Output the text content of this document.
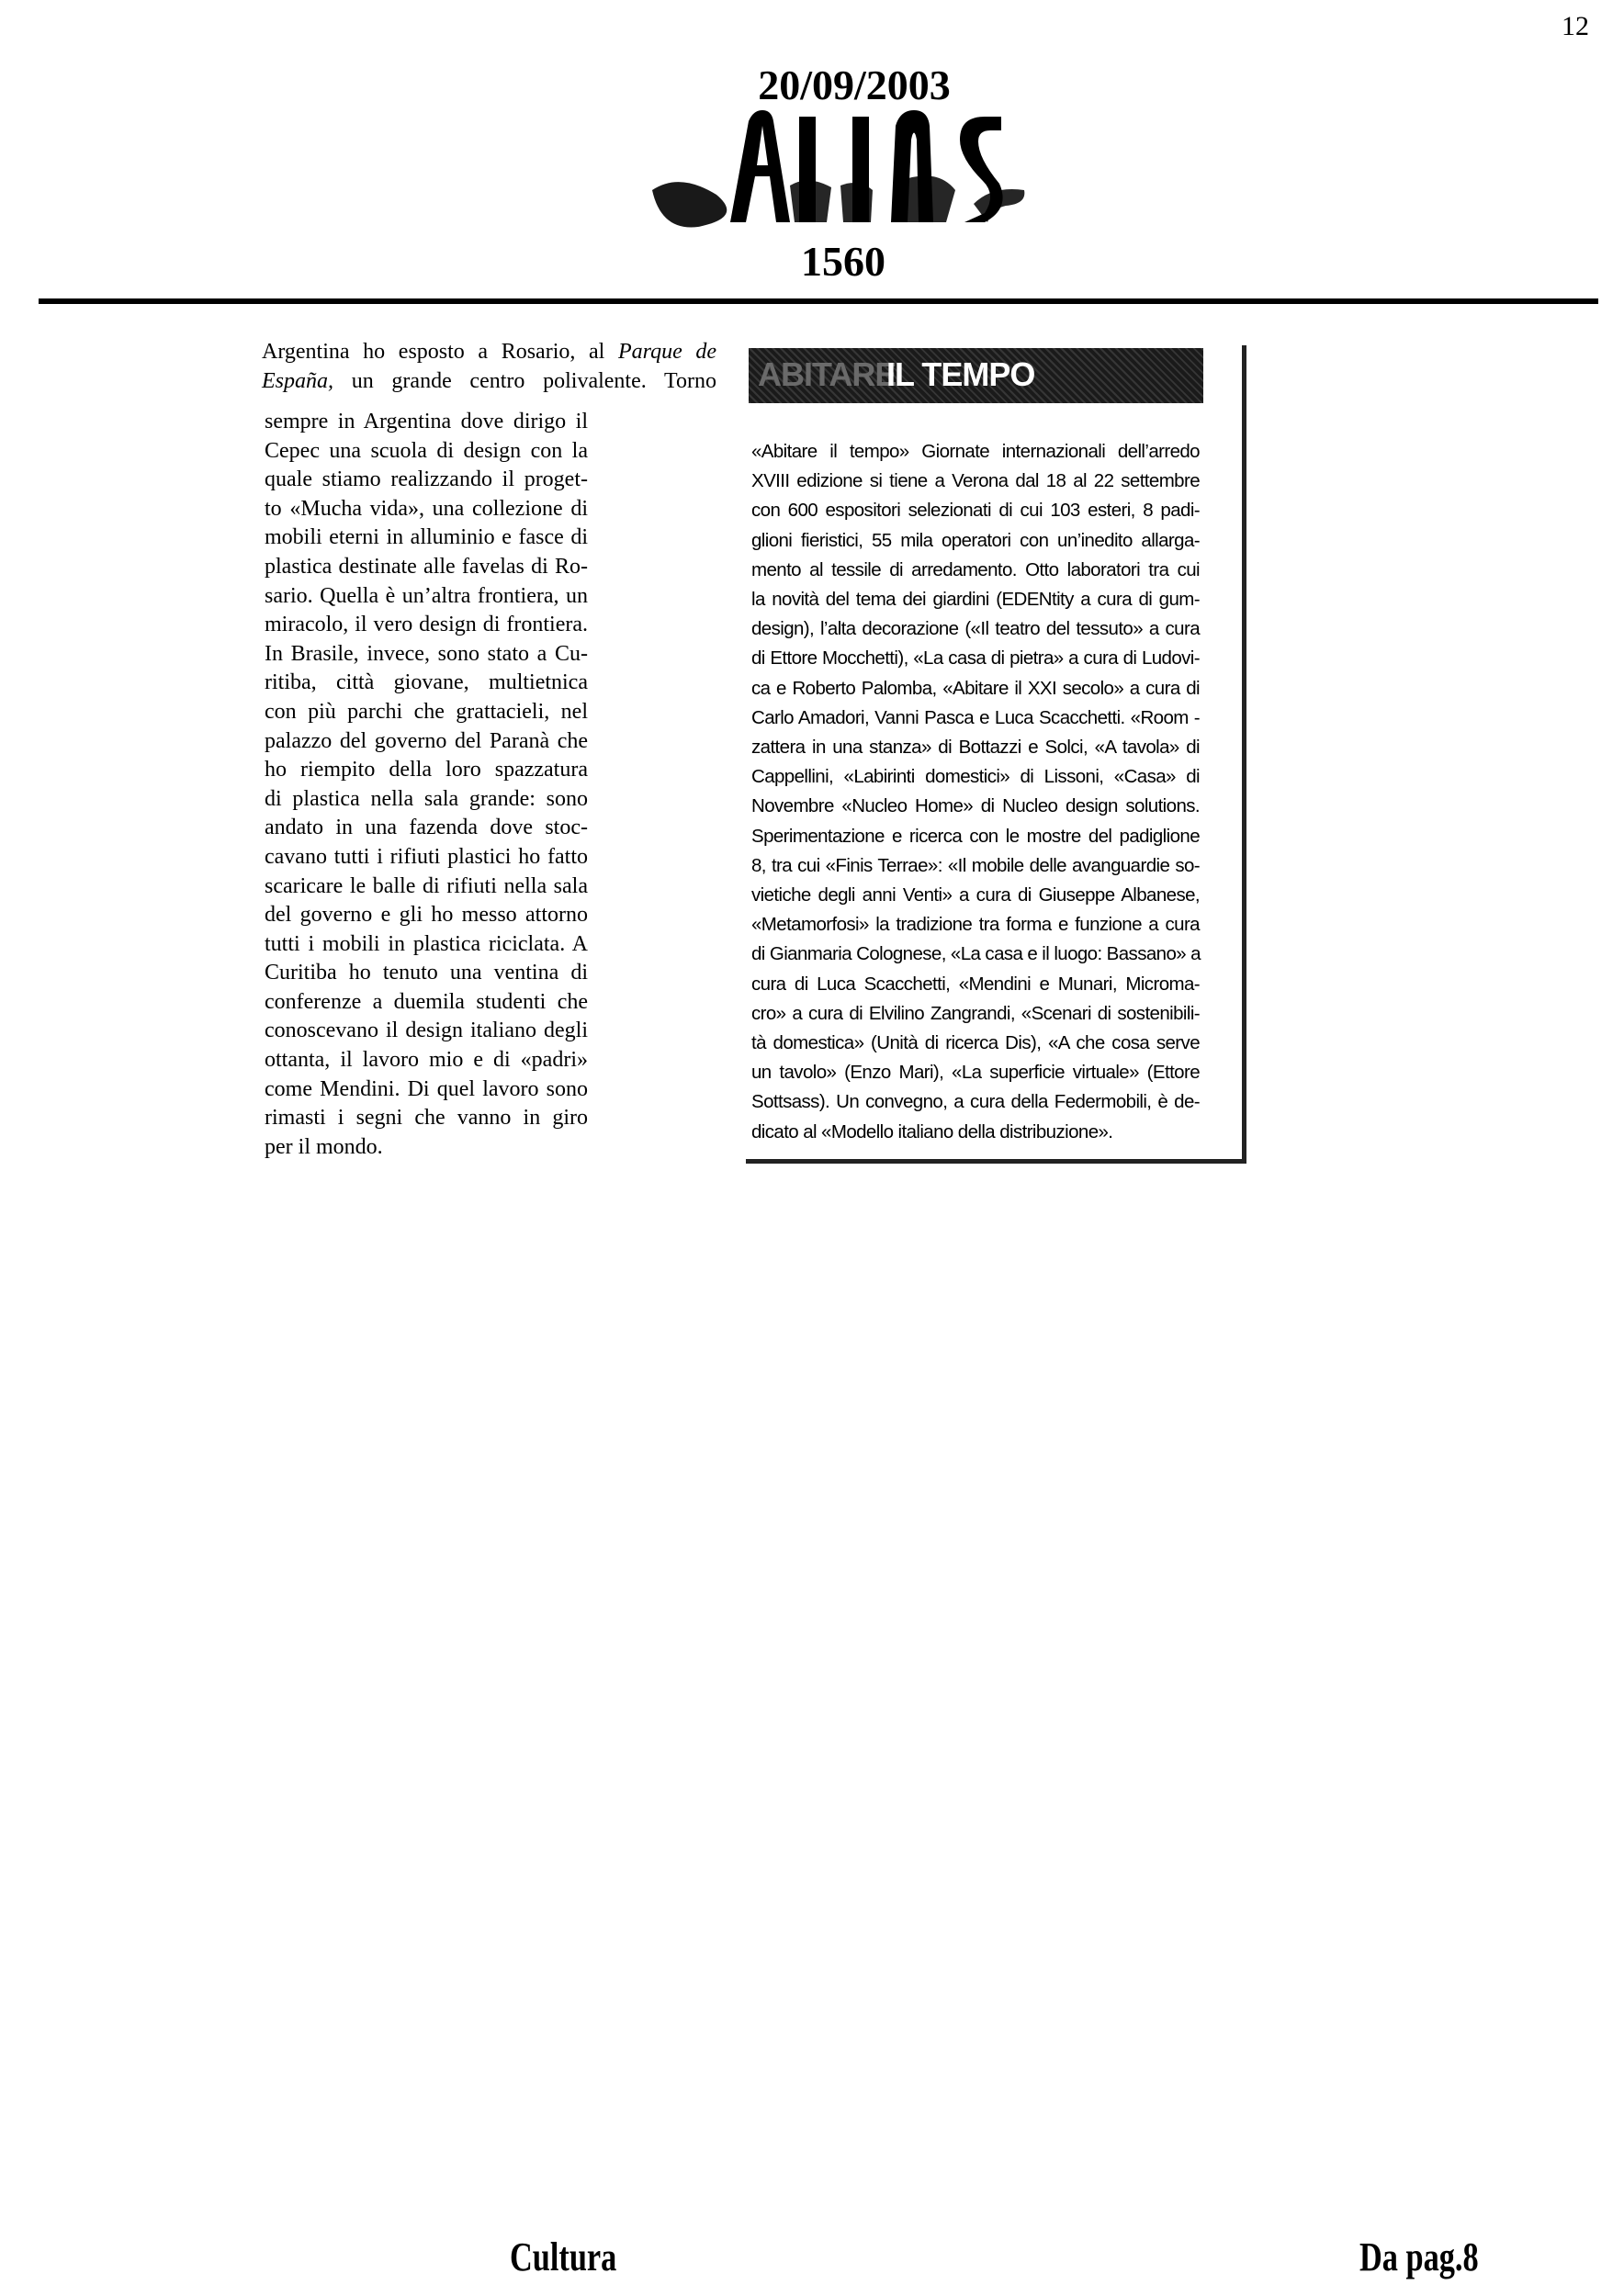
12
20/09/2003
1560
Argentina ho esposto a Rosario, al Parque de
España, un grande centro polivalente. Torno
sempre in Argentina dove dirigo il
Cepec una scuola di design con la
quale stiamo realizzando il proget-
to «Mucha vida», una collezione di
mobili eterni in alluminio e fasce di
plastica destinate alle favelas di Ro-
sario. Quella è un’altra frontiera, un
miracolo, il vero design di frontiera.
In Brasile, invece, sono stato a Cu-
ritiba, città giovane, multietnica
con più parchi che grattacieli, nel
palazzo del governo del Paranà che
ho riempito della loro spazzatura
di plastica nella sala grande: sono
andato in una fazenda dove stoc-
cavano tutti i rifiuti plastici ho fatto
scaricare le balle di rifiuti nella sala
del governo e gli ho messo attorno
tutti i mobili in plastica riciclata. A
Curitiba ho tenuto una ventina di
conferenze a duemila studenti che
conoscevano il design italiano degli
ottanta, il lavoro mio e di «padri»
come Mendini. Di quel lavoro sono
rimasti i segni che vanno in giro
per il mondo.
ABITARE
IL TEMPO
«Abitare il tempo» Giornate internazionali dell’arredo
XVIII edizione si tiene a Verona dal 18 al 22 settembre
con 600 espositori selezionati di cui 103 esteri, 8 padi-
glioni fieristici, 55 mila operatori con un’inedito allarga-
mento al tessile di arredamento. Otto laboratori tra cui
la novità del tema dei giardini (EDENtity a cura di gum-
design), l’alta decorazione («Il teatro del tessuto» a cura
di Ettore Mocchetti), «La casa di pietra» a cura di Ludovi-
ca e Roberto Palomba, «Abitare il XXI secolo» a cura di
Carlo Amadori, Vanni Pasca e Luca Scacchetti. «Room -
zattera in una stanza» di Bottazzi e Solci, «A tavola» di
Cappellini, «Labirinti domestici» di Lissoni, «Casa» di
Novembre «Nucleo Home» di Nucleo design solutions.
Sperimentazione e ricerca con le mostre del padiglione
8, tra cui «Finis Terrae»: «Il mobile delle avanguardie so-
vietiche degli anni Venti» a cura di Giuseppe Albanese,
«Metamorfosi» la tradizione tra forma e funzione a cura
di Gianmaria Colognese, «La casa e il luogo: Bassano» a
cura di Luca Scacchetti, «Mendini e Munari, Microma-
cro» a cura di Elvilino Zangrandi, «Scenari di sostenibili-
tà domestica» (Unità di ricerca Dis), «A che cosa serve
un tavolo» (Enzo Mari), «La superficie virtuale» (Ettore
Sottsass). Un convegno, a cura della Federmobili, è de-
dicato al «Modello italiano della distribuzione».
Cultura	Da pag.8
